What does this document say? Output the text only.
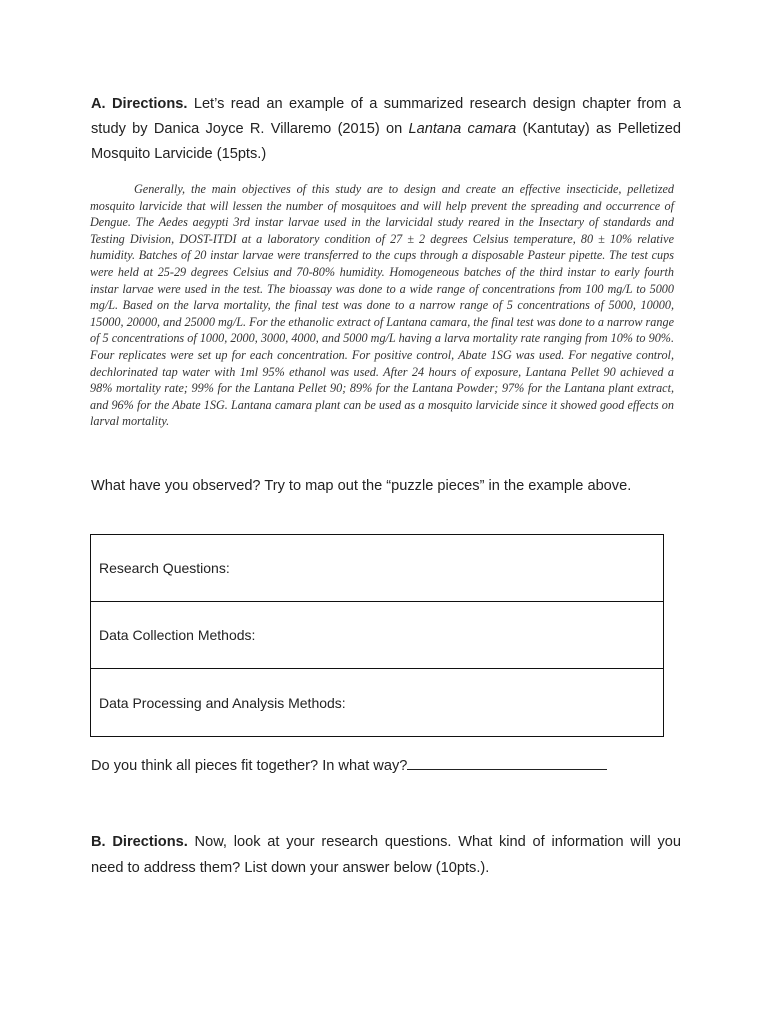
A. Directions. Let’s read an example of a summarized research design chapter from a study by Danica Joyce R. Villaremo (2015) on Lantana camara (Kantutay) as Pelletized Mosquito Larvicide (15pts.)
Generally, the main objectives of this study are to design and create an effective insecticide, pelletized mosquito larvicide that will lessen the number of mosquitoes and will help prevent the spreading and occurrence of Dengue. The Aedes aegypti 3rd instar larvae used in the larvicidal study reared in the Insectary of standards and Testing Division, DOST-ITDI at a laboratory condition of 27 ± 2 degrees Celsius temperature, 80 ± 10% relative humidity. Batches of 20 instar larvae were transferred to the cups through a disposable Pasteur pipette. The test cups were held at 25-29 degrees Celsius and 70-80% humidity. Homogeneous batches of the third instar to early fourth instar larvae were used in the test. The bioassay was done to a wide range of concentrations from 100 mg/L to 5000 mg/L. Based on the larva mortality, the final test was done to a narrow range of 5 concentrations of 5000, 10000, 15000, 20000, and 25000 mg/L. For the ethanolic extract of Lantana camara, the final test was done to a narrow range of 5 concentrations of 1000, 2000, 3000, 4000, and 5000 mg/L having a larva mortality rate ranging from 10% to 90%. Four replicates were set up for each concentration. For positive control, Abate 1SG was used. For negative control, dechlorinated tap water with 1ml 95% ethanol was used. After 24 hours of exposure, Lantana Pellet 90 achieved a 98% mortality rate; 99% for the Lantana Pellet 90; 89% for the Lantana Powder; 97% for the Lantana plant extract, and 96% for the Abate 1SG. Lantana camara plant can be used as a mosquito larvicide since it showed good effects on larval mortality.
What have you observed? Try to map out the “puzzle pieces” in the example above.
Research Questions:
Data Collection Methods:
Data Processing and Analysis Methods:
Do you think all pieces fit together? In what way?
B. Directions. Now, look at your research questions. What kind of information will you need to address them? List down your answer below (10pts.).
